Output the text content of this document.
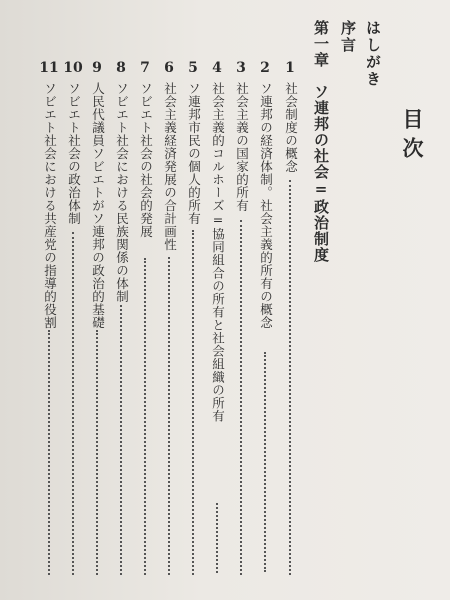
目次
はしがき
序言
第一章　ソ連邦の社会=政治制度
1
社会制度の概念
2
ソ連邦の経済体制。社会主義的所有の概念
3
社会主義の国家的所有
4
社会主義的コルホーズ=協同組合の所有と社会組織の所有
5
ソ連邦市民の個人的所有
6
社会主義経済発展の合計画性
7
ソビエト社会の社会的発展
8
ソビエト社会における民族関係の体制
9
人民代議員ソビエトがソ連邦の政治的基礎
10
ソビエト社会の政治体制
11
ソビエト社会における共産党の指導的役割
